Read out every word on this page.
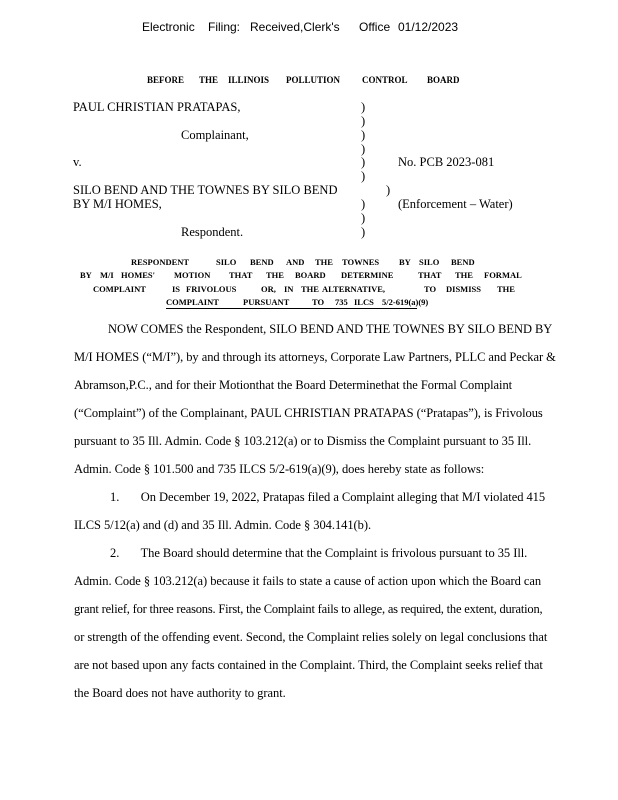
Electronic Filing: Received,Clerk's Office 01/12/2023
BEFORE THE ILLINOIS POLLUTION CONTROL BOARD
PAUL CHRISTIAN PRATAPAS,
Complainant,
v.	No. PCB 2023-081
SILO BEND AND THE TOWNES BY SILO BEND
BY M/I HOMES,	(Enforcement – Water)
Respondent.
)
)
)
)
)
)
)
)
)
)
RESPONDENT	SILO BEND AND THE TOWNES BY SILO BEND
BY M/I HOMES' MOTION THAT THE BOARD DETERMINE	THAT THE FORMAL
COMPLAINT	IS FRIVOLOUS	OR, IN THE ALTERNATIVE,	TO DISMISS THE
COMPLAINT	PURSUANT	TO 735 ILCS 5/2-619(a)(9)
NOW COMES the Respondent, SILO BEND AND THE TOWNES BY SILO BEND BY
M/I HOMES (“M/I”), by and through its attorneys, Corporate Law Partners, PLLC and Peckar &
Abramson,P.C., and for their Motionthat the Board Determinethat the Formal Complaint
(“Complaint”) of the Complainant, PAUL CHRISTIAN PRATAPAS (“Pratapas”), is Frivolous
pursuant to 35 Ill. Admin. Code § 103.212(a) or to Dismiss the Complaint pursuant to 35 Ill.
Admin. Code § 101.500 and 735 ILCS 5/2-619(a)(9), does hereby state as follows:
1.       On December 19, 2022, Pratapas filed a Complaint alleging that M/I violated 415
ILCS 5/12(a) and (d) and 35 Ill. Admin. Code § 304.141(b).
2.       The Board should determine that the Complaint is frivolous pursuant to 35 Ill.
Admin. Code § 103.212(a) because it fails to state a cause of action upon which the Board can
grant relief, for three reasons. First, the Complaint fails to allege, as required, the extent, duration,
or strength of the offending event. Second, the Complaint relies solely on legal conclusions that
are not based upon any facts contained in the Complaint. Third, the Complaint seeks relief that
the Board does not have authority to grant.
